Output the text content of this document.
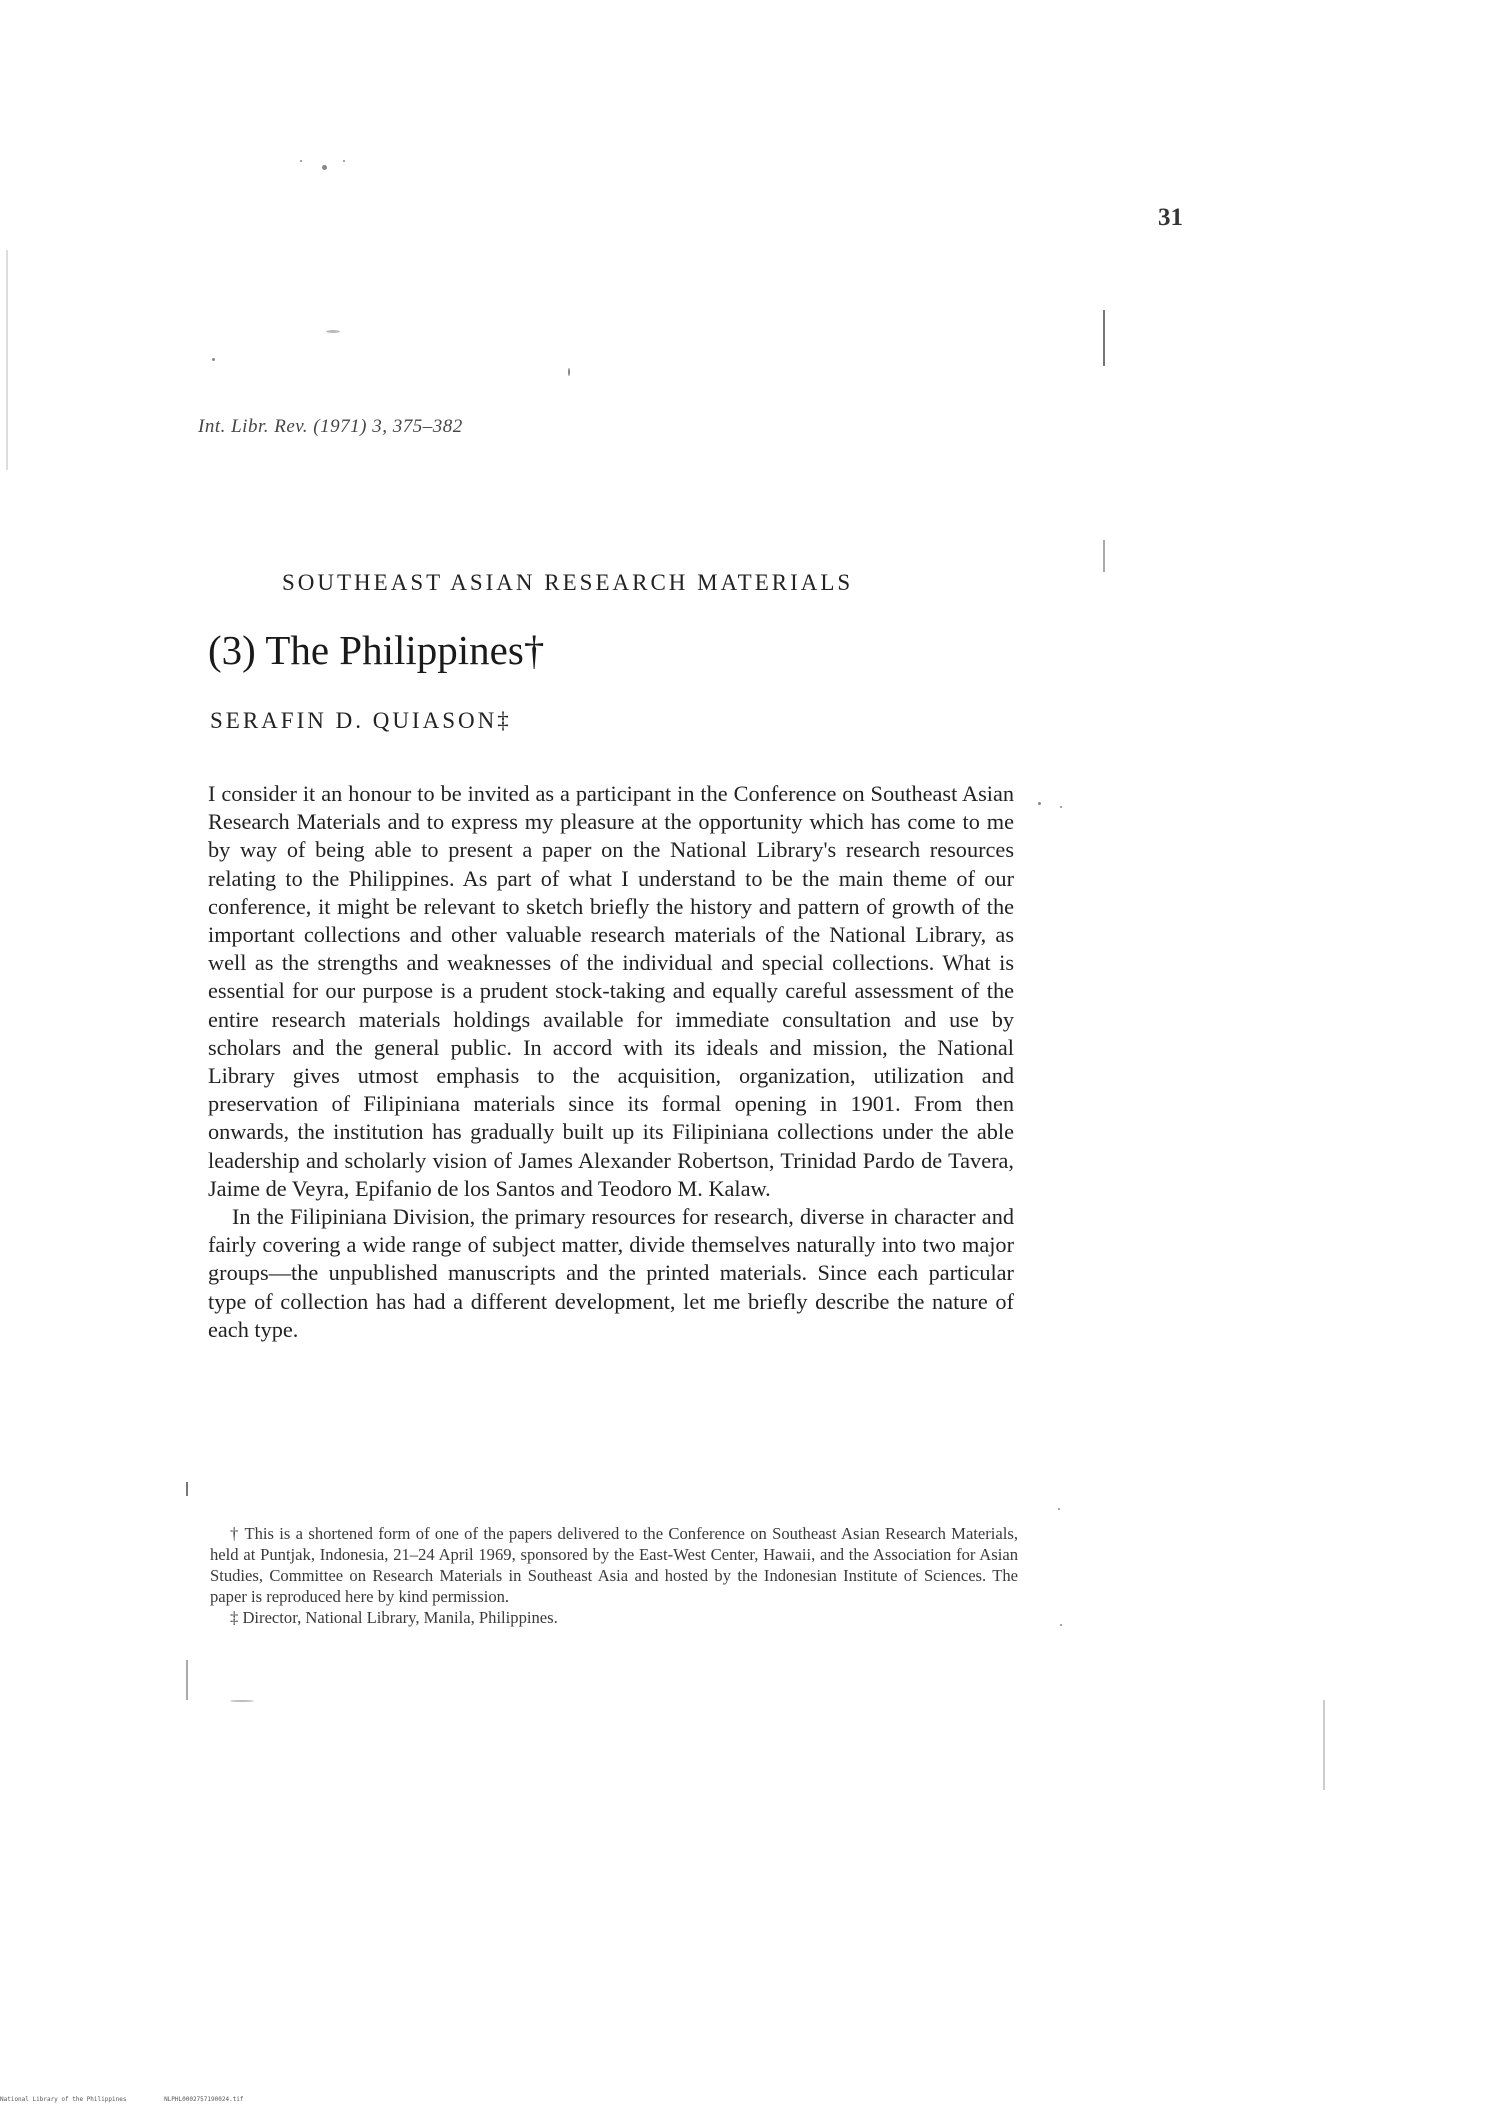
31
Int. Libr. Rev. (1971) 3, 375–382
SOUTHEAST ASIAN RESEARCH MATERIALS
(3) The Philippines†
SERAFIN D. QUIASON‡

I consider it an honour to be invited as a participant in the Conference on Southeast Asian Research Materials and to express my pleasure at the opportunity which has come to me by way of being able to present a paper on the National Library's research resources relating to the Philippines. As part of what I understand to be the main theme of our conference, it might be relevant to sketch briefly the history and pattern of growth of the important collections and other valuable research materials of the National Library, as well as the strengths and weaknesses of the individual and special collections. What is essential for our purpose is a prudent stock-taking and equally careful assessment of the entire research materials holdings available for immediate consultation and use by scholars and the general public. In accord with its ideals and mission, the National Library gives utmost emphasis to the acquisition, organization, utilization and preservation of Filipiniana materials since its formal opening in 1901. From then onwards, the institution has gradually built up its Filipiniana collections under the able leadership and scholarly vision of James Alexander Robertson, Trinidad Pardo de Tavera, Jaime de Veyra, Epifanio de los Santos and Teodoro M. Kalaw.

In the Filipiniana Division, the primary resources for research, diverse in character and fairly covering a wide range of subject matter, divide themselves naturally into two major groups—the unpublished manuscripts and the printed materials. Since each particular type of collection has had a different development, let me briefly describe the nature of each type.

† This is a shortened form of one of the papers delivered to the Conference on Southeast Asian Research Materials, held at Puntjak, Indonesia, 21–24 April 1969, sponsored by the East-West Center, Hawaii, and the Association for Asian Studies, Committee on Research Materials in Southeast Asia and hosted by the Indonesian Institute of Sciences. The paper is reproduced here by kind permission.

‡ Director, National Library, Manila, Philippines.

National Library of the Philippines	NLPHL0002757190024.tif
